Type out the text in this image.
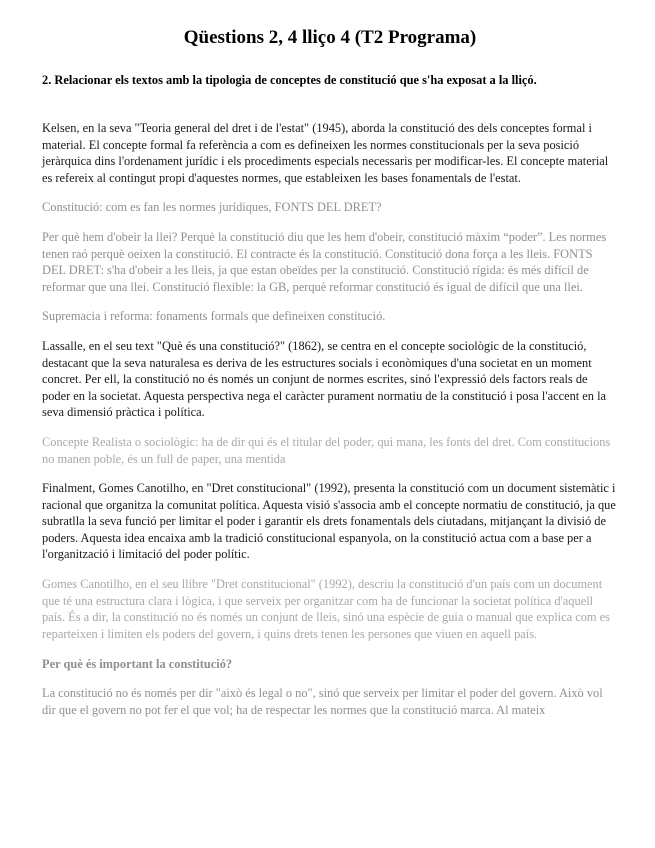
Qüestions 2, 4 lliço 4 (T2 Programa)
2. Relacionar els textos amb la tipologia de conceptes de constitució que s'ha exposat a la lliçó.

Kelsen, en la seva "Teoria general del dret i de l'estat" (1945), aborda la constitució des dels conceptes formal i material. El concepte formal fa referència a com es defineixen les normes constitucionals per la seva posició jeràrquica dins l'ordenament jurídic i els procediments especials necessaris per modificar-les. El concepte material es refereix al contingut propi d'aquestes normes, que estableixen les bases fonamentals de l'estat.

Constitució: com es fan les normes jurídiques, FONTS DEL DRET?

Per què hem d'obeir la llei? Perquè la constitució diu que les hem d'obeir, constitució màxim “poder”. Les normes tenen raó perquè oeixen la constitució. El contracte és la constitució. Constitució dona força a les lleis. FONTS DEL DRET: s'ha d'obeir a les lleis, ja que estan obeïdes per la constitució. Constitució rígida: és més difícil de reformar que una llei. Constitució flexible: la GB, perquè reformar constitució és igual de difícil que una llei.

Supremacia i reforma: fonaments formals que defineixen constitució.

Lassalle, en el seu text "Què és una constitució?" (1862), se centra en el concepte sociològic de la constitució, destacant que la seva naturalesa es deriva de les estructures socials i econòmiques d'una societat en un moment concret. Per ell, la constitució no és només un conjunt de normes escrites, sinó l'expressió dels factors reals de poder en la societat. Aquesta perspectiva nega el caràcter purament normatiu de la constitució i posa l'accent en la seva dimensió pràctica i política.

Concepte Realista o sociològic: ha de dir qui és el titular del poder, qui mana, les fonts del dret. Com constitucions no manen poble, és un full de paper, una mentida

Finalment, Gomes Canotilho, en "Dret constitucional" (1992), presenta la constitució com un document sistemàtic i racional que organitza la comunitat política. Aquesta visió s'associa amb el concepte normatiu de constitució, ja que subratlla la seva funció per limitar el poder i garantir els drets fonamentals dels ciutadans, mitjançant la divisió de poders. Aquesta idea encaixa amb la tradició constitucional espanyola, on la constitució actua com a base per a l'organització i limitació del poder polític.

Gomes Canotilho, en el seu llibre "Dret constitucional" (1992), descriu la constitució d'un país com un document que té una estructura clara i lògica, i que serveix per organitzar com ha de funcionar la societat política d'aquell país. És a dir, la constitució no és només un conjunt de lleis, sinó una espècie de guia o manual que explica com es reparteixen i limiten els poders del govern, i quins drets tenen les persones que viuen en aquell país.

Per què és important la constitució?

La constitució no és només per dir "això és legal o no", sinó que serveix per limitar el poder del govern. Això vol dir que el govern no pot fer el que vol; ha de respectar les normes que la constitució marca. Al mateix
